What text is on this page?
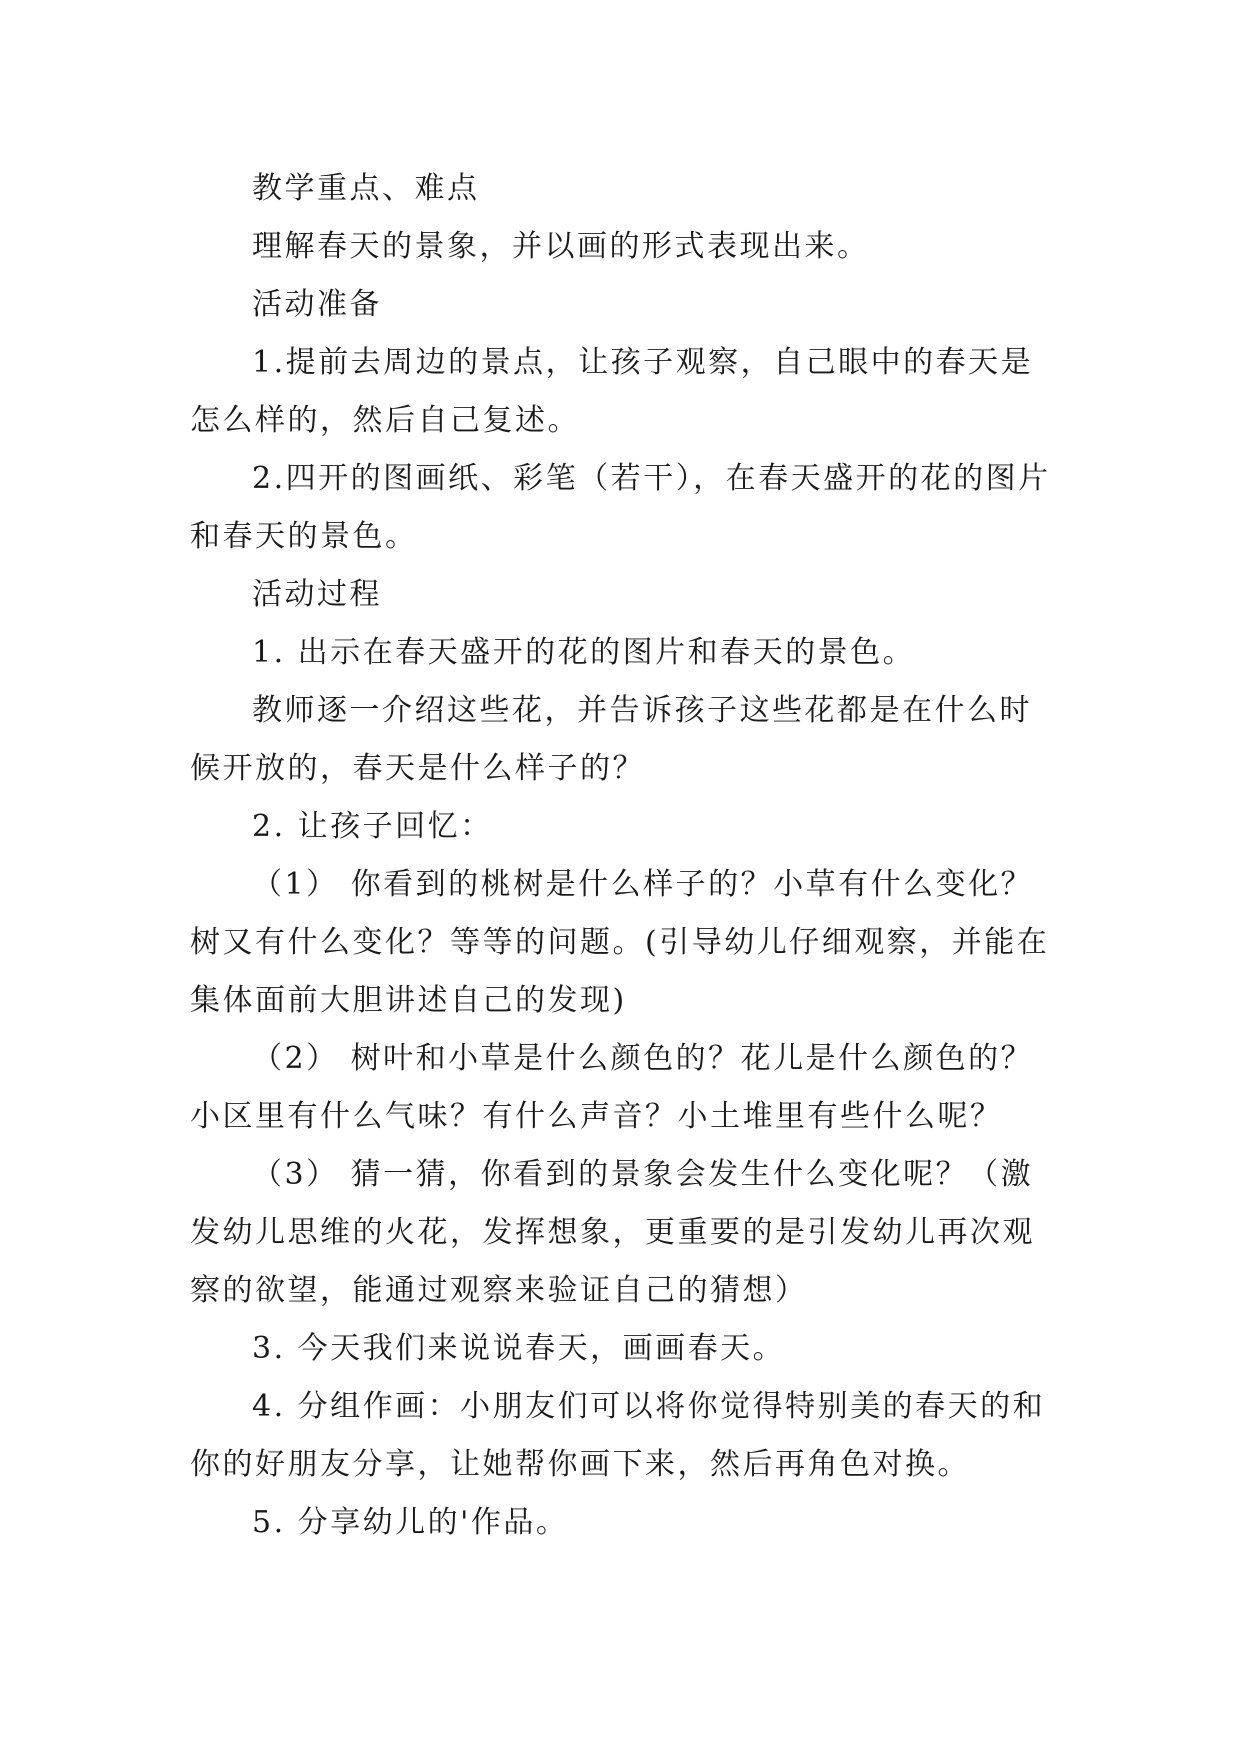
教学重点、难点

理解春天的景象，并以画的形式表现出来。

活动准备

1.提前去周边的景点，让孩子观察，自己眼中的春天是怎么样的，然后自己复述。

2.四开的图画纸、彩笔（若干），在春天盛开的花的图片和春天的景色。

活动过程

1. 出示在春天盛开的花的图片和春天的景色。

教师逐一介绍这些花，并告诉孩子这些花都是在什么时候开放的，春天是什么样子的？

2. 让孩子回忆：

（1） 你看到的桃树是什么样子的？小草有什么变化？树又有什么变化？等等的问题。(引导幼儿仔细观察，并能在集体面前大胆讲述自己的发现)

（2） 树叶和小草是什么颜色的？花儿是什么颜色的？小区里有什么气味？有什么声音？小土堆里有些什么呢？

（3） 猜一猜，你看到的景象会发生什么变化呢？（激发幼儿思维的火花，发挥想象，更重要的是引发幼儿再次观察的欲望，能通过观察来验证自己的猜想）

3. 今天我们来说说春天，画画春天。

4. 分组作画：小朋友们可以将你觉得特别美的春天的和你的好朋友分享，让她帮你画下来，然后再角色对换。

5. 分享幼儿的'作品。
